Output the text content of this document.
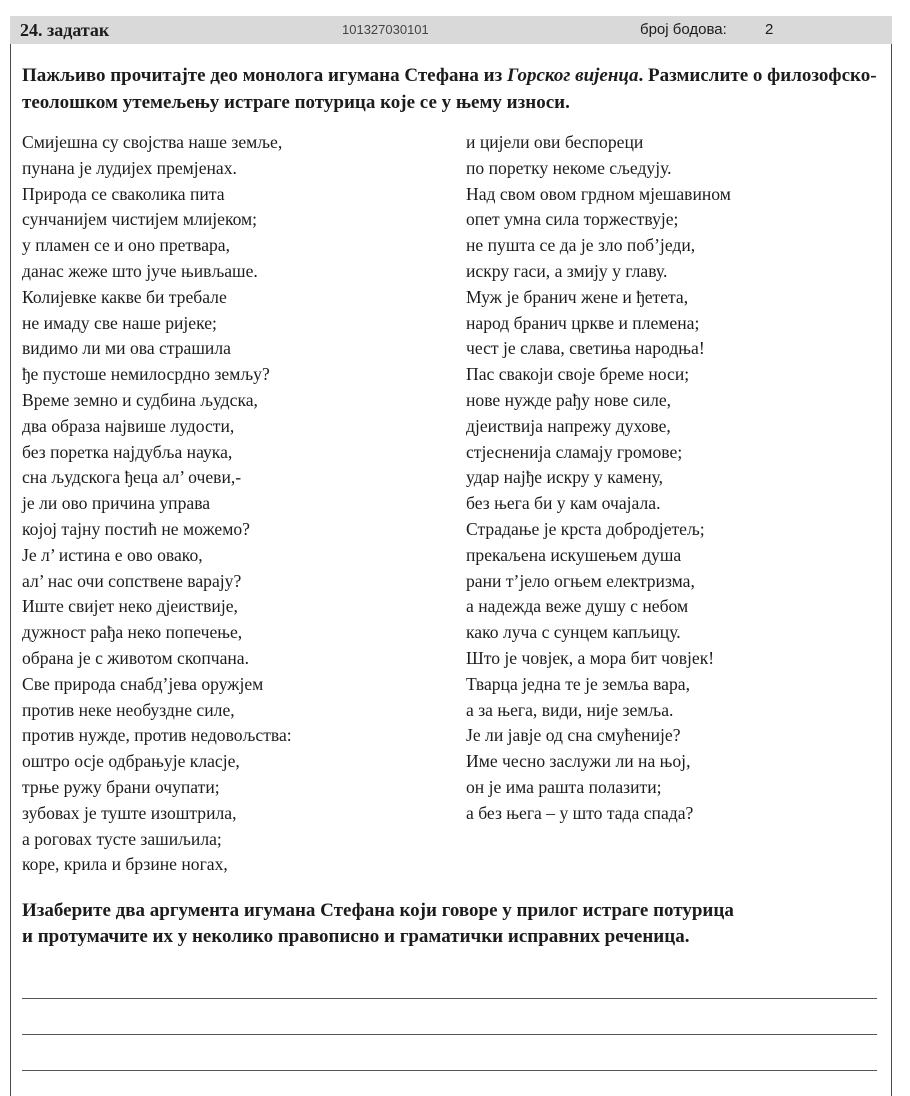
24. задатак	101327030101	број бодова:	2
Пажљиво прочитајте део монолога игумана Стефана из Горског вијенца. Размислите о филозофско-теолошком утемељењу истраге потурица које се у њему износи.
Смијешна су својства наше земље,
пунана је лудијех премјенах.
Природа се сваколика пита
сунчанијем чистијем млијеком;
у пламен се и оно претвара,
данас жеже што јуче њивљаше.
Колијевке какве би требале
не имаду све наше ријеке;
видимо ли ми ова страшила
ђе пустоше немилосрдно земљу?
Време земно и судбина људска,
два образа највише лудости,
без поретка најдубља наука,
сна људскога ђеца ал’ очеви,-
је ли ово причина управа
којој тајну постић не можемо?
Је л’ истина е ово овако,
ал’ нас очи сопствене варају?
Иште свијет неко дјеиствије,
дужност рађа неко попечење,
обрана је с животом скопчана.
Све природа снабд’јева оружјем
против неке необуздне силе,
против нужде, против недовољства:
оштро осје одбрањује класје,
трње ружу брани очупати;
зубовах је туште изоштрила,
а роговах тусте зашиљила;
коре, крила и брзине ногах,
и цијели ови беспореци
по поретку некоме сљедују.
Над свом овом грдном мјешавином
опет умна сила торжествује;
не пушта се да је зло поб’једи,
искру гаси, а змију у главу.
Муж је бранич жене и ђетета,
народ бранич цркве и племена;
чест је слава, светиња народња!
Пас свакоји своје бреме носи;
нове нужде рађу нове силе,
дјеиствија напрежу духове,
стјесненија сламају громове;
удар најђе искру у камену,
без њега би у кам очајала.
Страдање је крста добродјетељ;
прекаљена искушењем душа
рани т’јело огњем електризма,
а надежда веже душу с небом
како луча с сунцем капљицу.
Што је човјек, а мора бит човјек!
Тварца једна те је земља вара,
а за њега, види, није земља.
Је ли јавје од сна смућеније?
Име чесно заслужи ли на њој,
он је има рашта полазити;
а без њега – у што тада спада?
Изаберите два аргумента игумана Стефана који говоре у прилог истраге потурица
и протумачите их у неколико правописно и граматички исправних реченица.
